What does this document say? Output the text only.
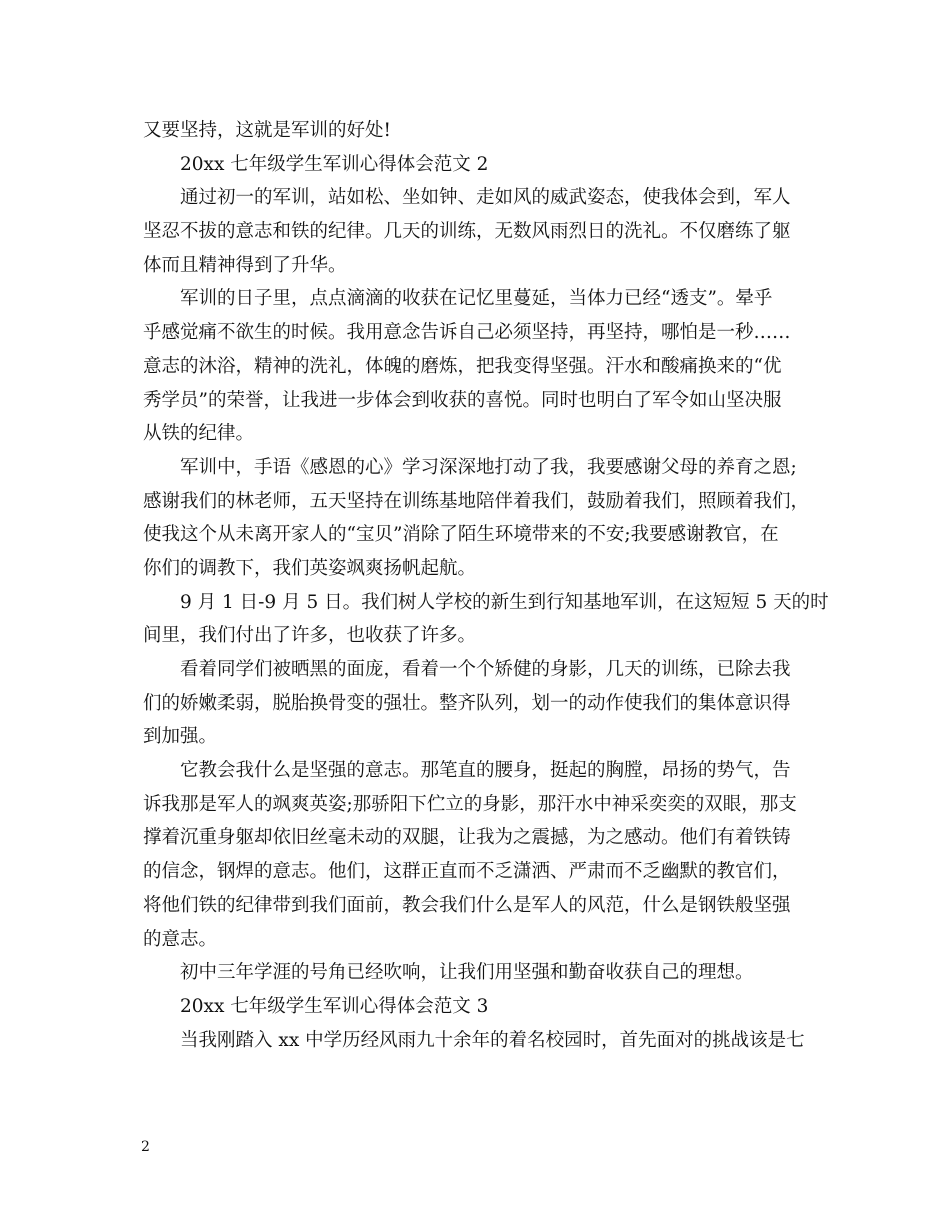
又要坚持，这就是军训的好处!
20xx 七年级学生军训心得体会范文 2
通过初一的军训，站如松、坐如钟、走如风的威武姿态，使我体会到，军人
坚忍不拔的意志和铁的纪律。几天的训练，无数风雨烈日的洗礼。不仅磨练了躯
体而且精神得到了升华。
军训的日子里，点点滴滴的收获在记忆里蔓延，当体力已经“透支”。晕乎
乎感觉痛不欲生的时候。我用意念告诉自己必须坚持，再坚持，哪怕是一秒……
意志的沐浴，精神的洗礼，体魄的磨炼，把我变得坚强。汗水和酸痛换来的“优
秀学员”的荣誉，让我进一步体会到收获的喜悦。同时也明白了军令如山坚决服
从铁的纪律。
军训中，手语《感恩的心》学习深深地打动了我，我要感谢父母的养育之恩;
感谢我们的林老师，五天坚持在训练基地陪伴着我们，鼓励着我们，照顾着我们，
使我这个从未离开家人的“宝贝”消除了陌生环境带来的不安;我要感谢教官，在
你们的调教下，我们英姿飒爽扬帆起航。
9 月 1 日-9 月 5 日。我们树人学校的新生到行知基地军训，在这短短 5 天的时
间里，我们付出了许多，也收获了许多。
看着同学们被晒黑的面庞，看着一个个矫健的身影，几天的训练，已除去我
们的娇嫩柔弱，脱胎换骨变的强壮。整齐队列，划一的动作使我们的集体意识得
到加强。
它教会我什么是坚强的意志。那笔直的腰身，挺起的胸膛，昂扬的势气，告
诉我那是军人的飒爽英姿;那骄阳下伫立的身影，那汗水中神采奕奕的双眼，那支
撑着沉重身躯却依旧丝毫未动的双腿，让我为之震撼，为之感动。他们有着铁铸
的信念，钢焊的意志。他们，这群正直而不乏潇洒、严肃而不乏幽默的教官们，
将他们铁的纪律带到我们面前，教会我们什么是军人的风范，什么是钢铁般坚强
的意志。
初中三年学涯的号角已经吹响，让我们用坚强和勤奋收获自己的理想。
20xx 七年级学生军训心得体会范文 3
当我刚踏入 xx 中学历经风雨九十余年的着名校园时，首先面对的挑战该是七
2
